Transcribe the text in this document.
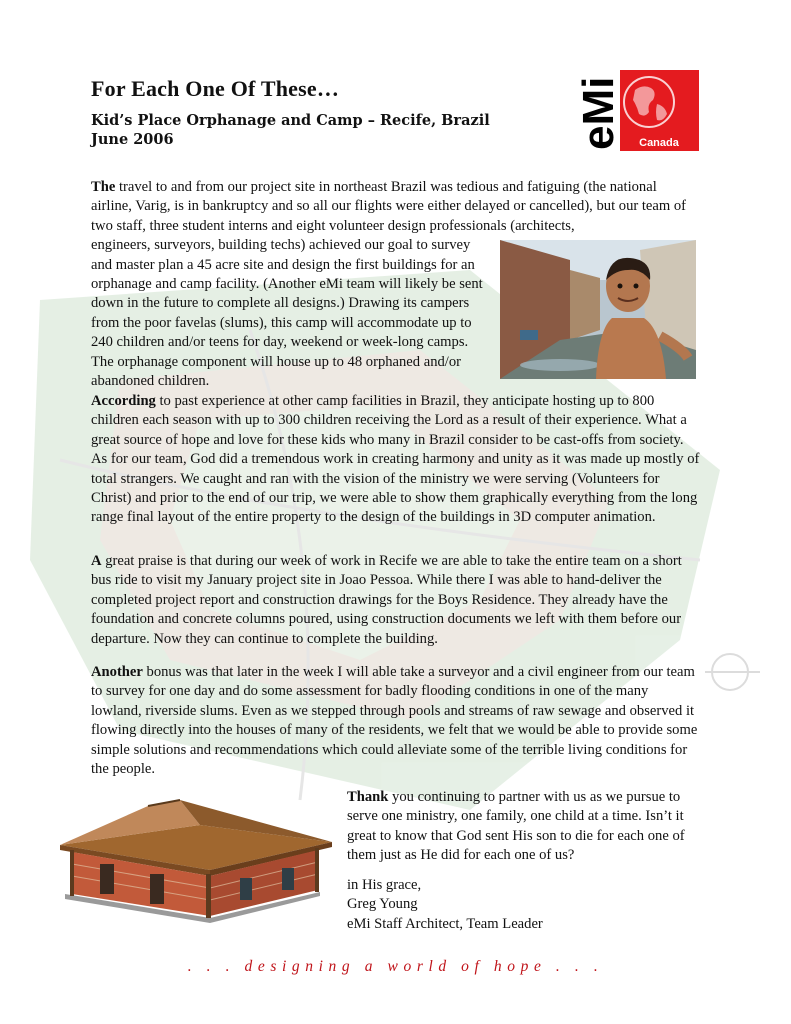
For Each One Of These…
Kid’s Place Orphanage and Camp – Recife, Brazil
June 2006	eMi Canada

The travel to and from our project site in northeast Brazil was tedious and fatiguing (the national airline, Varig, is in bankruptcy and so all our flights were either delayed or cancelled), but our team of two staff, three student interns and eight volunteer design professionals (architects,
engineers, surveyors, building techs) achieved our goal to survey and master plan a 45 acre site and design the first buildings for an orphanage and camp facility. (Another eMi team will likely be sent down in the future to complete all designs.) Drawing its campers from the poor favelas (slums), this camp will accommodate up to 240 children and/or teens for day, weekend or week-long camps. The orphanage component will house up to 48 orphaned and/or abandoned children.

According to past experience at other camp facilities in Brazil, they anticipate hosting up to 800 children each season with up to 300 children receiving the Lord as a result of their experience. What a great source of hope and love for these kids who many in Brazil consider to be cast-offs from society. As for our team, God did a tremendous work in creating harmony and unity as it was made up mostly of total strangers. We caught and ran with the vision of the ministry we were serving (Volunteers for Christ) and prior to the end of our trip, we were able to show them graphically everything from the long range final layout of the entire property to the design of the buildings in 3D computer animation.

A great praise is that during our week of work in Recife we are able to take the entire team on a short bus ride to visit my January project site in Joao Pessoa. While there I was able to hand-deliver the completed project report and construction drawings for the Boys Residence. They already have the foundation and concrete columns poured, using construction documents we left with them before our departure. Now they can continue to complete the building.

Another bonus was that later in the week I will able take a surveyor and a civil engineer from our team to survey for one day and do some assessment for badly flooding conditions in one of the many lowland, riverside slums. Even as we stepped through pools and streams of raw sewage and observed it flowing directly into the houses of many of the residents, we felt that we would be able to provide some simple solutions and recommendations which could alleviate some of the terrible living conditions for the people.

Thank you continuing to partner with us as we pursue to serve one ministry, one family, one child at a time. Isn’t it great to know that God sent His son to die for each one of them just as He did for each one of us?

in His grace,
Greg Young
eMi Staff Architect, Team Leader
. . . designing a world of hope . . .
